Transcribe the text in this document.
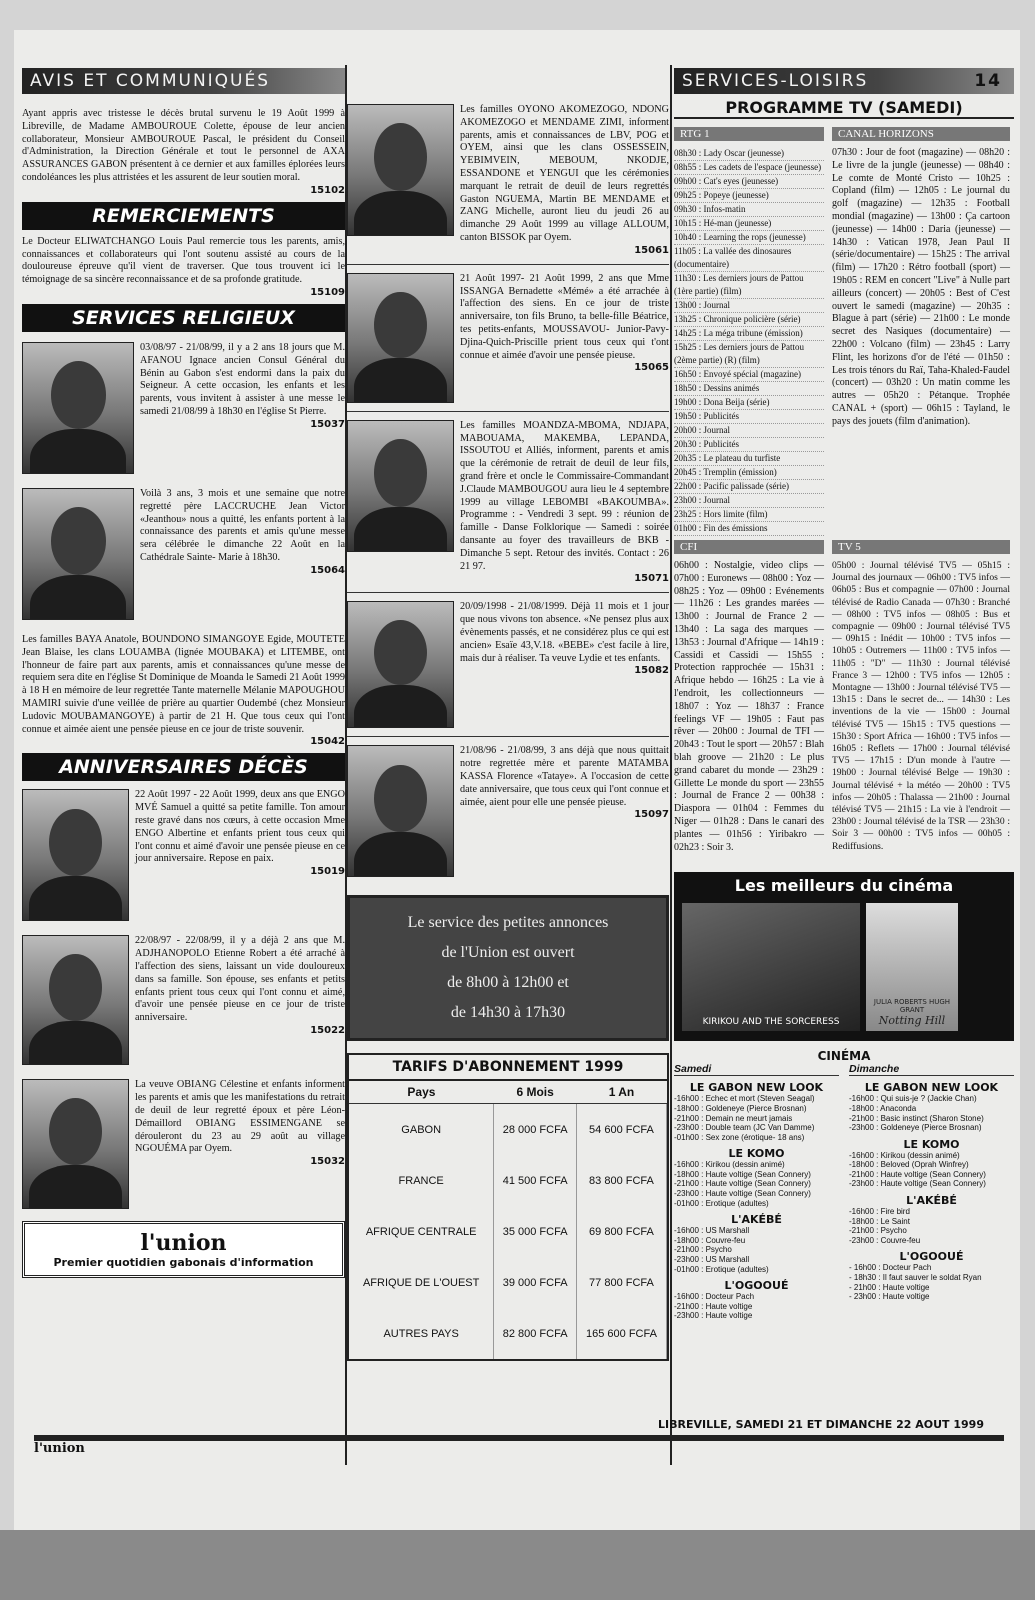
AVIS ET COMMUNIQUÉS

Ayant appris avec tristesse le décès brutal survenu le 19 Août 1999 à Libreville, de Madame AMBOUROUE Colette, épouse de leur ancien collaborateur, Monsieur AMBOUROUE Pascal, le président du Conseil d'Administration, la Direction Générale et tout le personnel de AXA ASSURANCES GABON présentent à ce dernier et aux familles éplorées leurs condoléances les plus attristées et les assurent de leur soutien moral.

15102
REMERCIEMENTS

Le Docteur ELIWATCHANGO Louis Paul remercie tous les parents, amis, connaissances et collaborateurs qui l'ont soutenu assisté au cours de la douloureuse épreuve qu'il vient de traverser. Que tous trouvent ici le témoignage de sa sincère reconnaissance et de sa profonde gratitude.

15109
SERVICES RELIGIEUX

03/08/97 - 21/08/99, il y a 2 ans 18 jours que M. AFANOU Ignace ancien Consul Général du Bénin au Gabon s'est endormi dans la paix du Seigneur. A cette occasion, les enfants et les parents, vous invitent à assister à une messe le samedi 21/08/99 à 18h30 en l'église St Pierre.

15037

Voilà 3 ans, 3 mois et une semaine que notre regretté père LACCRUCHE Jean Victor «Jeanthou» nous a quitté, les enfants portent à la connaissance des parents et amis qu'une messe sera célébrée le dimanche 22 Août en la Cathédrale Sainte- Marie à 18h30.

15064

Les familles BAYA Anatole, BOUNDONO SIMANGOYE Egide, MOUTETE Jean Blaise, les clans LOUAMBA (lignée MOUBAKA) et LITEMBE, ont l'honneur de faire part aux parents, amis et connaissances qu'une messe de requiem sera dite en l'église St Dominique de Moanda le Samedi 21 Août 1999 à 18 H en mémoire de leur regrettée Tante maternelle Mélanie MAPOUGHOU MAMIRI suivie d'une veillée de prière au quartier Oudembé (chez Monsieur Ludovic MOUBAMANGOYE) à partir de 21 H. Que tous ceux qui l'ont connue et aimée aient une pensée pieuse en ce jour de triste souvenir.

15042
ANNIVERSAIRES DÉCÈS

22 Août 1997 - 22 Août 1999, deux ans que ENGO MVÉ Samuel a quitté sa petite famille. Ton amour reste gravé dans nos cœurs, à cette occasion Mme ENGO Albertine et enfants prient tous ceux qui l'ont connu et aimé d'avoir une pensée pieuse en ce jour anniversaire. Repose en paix.

15019

22/08/97 - 22/08/99, il y a déjà 2 ans que M. ADJHANOPOLO Etienne Robert a été arraché à l'affection des siens, laissant un vide douloureux dans sa famille. Son épouse, ses enfants et petits enfants prient tous ceux qui l'ont connu et aimé, d'avoir une pensée pieuse en ce jour de triste anniversaire.

15022

La veuve OBIANG Célestine et enfants informent les parents et amis que les manifestations du retrait de deuil de leur regretté époux et père Léon-Démaillord OBIANG ESSIMENGANE se dérouleront du 23 au 29 août au village NGOUÉMA par Oyem.

15032
l'union
Premier quotidien gabonais d'information

Les familles OYONO AKOMEZOGO, NDONG AKOMEZOGO et MENDAME ZIMI, informent parents, amis et connaissances de LBV, POG et OYEM, ainsi que les clans OSSESSEIN, YEBIMVEIN, MEBOUM, NKODJE, ESSANDONE et YENGUI que les cérémonies marquant le retrait de deuil de leurs regrettés Gaston NGUEMA, Martin BE MENDAME et ZANG Michelle, auront lieu du jeudi 26 au dimanche 29 Août 1999 au village ALLOUM, canton BISSOK par Oyem.

15061

21 Août 1997- 21 Août 1999, 2 ans que Mme ISSANGA Bernadette «Mémé» a été arrachée à l'affection des siens. En ce jour de triste anniversaire, ton fils Bruno, ta belle-fille Béatrice, tes petits-enfants, MOUSSAVOU- Junior-Pavy-Djina-Quich-Priscille prient tous ceux qui t'ont connue et aimée d'avoir une pensée pieuse.

15065

Les familles MOANDZA-MBOMA, NDJAPA, MABOUAMA, MAKEMBA, LEPANDA, ISSOUTOU et Alliés, informent, parents et amis que la cérémonie de retrait de deuil de leur fils, grand frère et oncle le Commissaire-Commandant J.Claude MAMBOUGOU aura lieu le 4 septembre 1999 au village LEBOMBI «BAKOUMBA». Programme : - Vendredi 3 sept. 99 : réunion de famille - Danse Folklorique — Samedi : soirée dansante au foyer des travailleurs de BKB - Dimanche 5 sept. Retour des invités. Contact : 26 21 97.

15071

20/09/1998 - 21/08/1999. Déjà 11 mois et 1 jour que nous vivons ton absence. «Ne pensez plus aux évènements passés, et ne considérez plus ce qui est ancien» Esaïe 43,V.18. «BEBE» c'est facile à lire, mais dur à réaliser. Ta veuve Lydie et tes enfants.

15082

21/08/96 - 21/08/99, 3 ans déjà que nous quittait notre regrettée mère et parente MATAMBA KASSA Florence «Tataye». A l'occasion de cette date anniversaire, que tous ceux qui l'ont connue et aimée, aient pour elle une pensée pieuse.

15097
Le service des petites annonces
de l'Union est ouvert
de 8h00 à 12h00 et
de 14h30 à 17h30
TARIFS D'ABONNEMENT 1999
Pays	6 Mois	1 An
GABON	28 000 FCFA	54 600 FCFA
FRANCE	41 500 FCFA	83 800 FCFA
AFRIQUE CENTRALE	35 000 FCFA	69 800 FCFA
AFRIQUE DE L'OUEST	39 000 FCFA	77 800 FCFA
AUTRES PAYS	82 800 FCFA	165 600 FCFA
SERVICES-LOISIRS	14
PROGRAMME TV (SAMEDI)
RTG 1
08h30 : Lady Oscar (jeunesse)
08h55 : Les cadets de l'espace (jeunesse)
09h00 : Cat's eyes (jeunesse)
09h25 : Popeye (jeunesse)
09h30 : Infos-matin
10h15 : Hé-man (jeunesse)
10h40 : Learning the rops (jeunesse)
11h05 : La vallée des dinosaures (documentaire)
11h30 : Les derniers jours de Pattou (1ère partie) (film)
13h00 : Journal
13h25 : Chronique policière (série)
14h25 : La méga tribune (émission)
15h25 : Les derniers jours de Pattou (2ème partie) (R) (film)
16h50 : Envoyé spécial (magazine)
18h50 : Dessins animés
19h00 : Dona Beija (série)
19h50 : Publicités
20h00 : Journal
20h30 : Publicités
20h35 : Le plateau du turfiste
20h45 : Tremplin (émission)
22h00 : Pacific palissade (série)
23h00 : Journal
23h25 : Hors limite (film)
01h00 : Fin des émissions
CANAL HORIZONS
07h30 : Jour de foot (magazine) — 08h20 : Le livre de la jungle (jeunesse) — 08h40 : Le comte de Monté Cristo — 10h25 : Copland (film) — 12h05 : Le journal du golf (magazine) — 12h35 : Football mondial (magazine) — 13h00 : Ça cartoon (jeunesse) — 14h00 : Daria (jeunesse) — 14h30 : Vatican 1978, Jean Paul II (série/documentaire) — 15h25 : The arrival (film) — 17h20 : Rétro football (sport) — 19h05 : REM en concert "Live" à Nulle part ailleurs (concert) — 20h05 : Best of C'est ouvert le samedi (magazine) — 20h35 : Blague à part (série) — 21h00 : Le monde secret des Nasiques (documentaire) — 22h00 : Volcano (film) — 23h45 : Larry Flint, les horizons d'or de l'été — 01h50 : Les trois ténors du Raï, Taha-Khaled-Faudel (concert) — 03h20 : Un matin comme les autres — 05h20 : Pétanque. Trophée CANAL + (sport) — 06h15 : Tayland, le pays des jouets (film d'animation).
CFI
06h00 : Nostalgie, video clips — 07h00 : Euronews — 08h00 : Yoz — 08h25 : Yoz — 09h00 : Evénements — 11h26 : Les grandes marées — 13h00 : Journal de France 2 — 13h40 : La saga des marques — 13h53 : Journal d'Afrique — 14h19 : Cassidi et Cassidi — 15h55 : Protection rapprochée — 15h31 : Afrique hebdo — 16h25 : La vie à l'endroit, les collectionneurs — 18h07 : Yoz — 18h37 : France feelings VF — 19h05 : Faut pas rêver — 20h00 : Journal de TFI — 20h43 : Tout le sport — 20h57 : Blah blah groove — 21h20 : Le plus grand cabaret du monde — 23h29 : Gillette Le monde du sport — 23h55 : Journal de France 2 — 00h38 : Diaspora — 01h04 : Femmes du Niger — 01h28 : Dans le canari des plantes — 01h56 : Yiribakro — 02h23 : Soir 3.
TV 5
05h00 : Journal télévisé TV5 — 05h15 : Journal des journaux — 06h00 : TV5 infos — 06h05 : Bus et compagnie — 07h00 : Journal télévisé de Radio Canada — 07h30 : Branché — 08h00 : TV5 infos — 08h05 : Bus et compagnie — 09h00 : Journal télévisé TV5 — 09h15 : Inédit — 10h00 : TV5 infos — 10h05 : Outremers — 11h00 : TV5 infos — 11h05 : "D" — 11h30 : Journal télévisé France 3 — 12h00 : TV5 infos — 12h05 : Montagne — 13h00 : Journal télévisé TV5 — 13h15 : Dans le secret de... — 14h30 : Les inventions de la vie — 15h00 : Journal télévisé TV5 — 15h15 : TV5 questions — 15h30 : Sport Africa — 16h00 : TV5 infos — 16h05 : Reflets — 17h00 : Journal télévisé TV5 — 17h15 : D'un monde à l'autre — 19h00 : Journal télévisé Belge — 19h30 : Journal télévisé + la météo — 20h00 : TV5 infos — 20h05 : Thalassa — 21h00 : Journal télévisé TV5 — 21h15 : La vie à l'endroit — 23h00 : Journal télévisé de la TSR — 23h30 : Soir 3 — 00h00 : TV5 infos — 00h05 : Rediffusions.
Les meilleurs du cinéma
KIRIKOU AND THE SORCERESS
JULIA ROBERTS HUGH GRANT
Notting Hill
CINÉMA
Samedi
LE GABON NEW LOOK
-16h00 : Echec et mort (Steven Seagal)
-18h00 : Goldeneye (Pierce Brosnan)
-21h00 : Demain ne meurt jamais
-23h00 : Double team (JC Van Damme)
-01h00 : Sex zone (érotique- 18 ans)
LE KOMO
-16h00 : Kirikou (dessin animé)
-18h00 : Haute voltige (Sean Connery)
-21h00 : Haute voltige (Sean Connery)
-23h00 : Haute voltige (Sean Connery)
-01h00 : Erotique (adultes)
L'AKÉBÉ
-16h00 : US Marshall
-18h00 : Couvre-feu
-21h00 : Psycho
-23h00 : US Marshall
-01h00 : Erotique (adultes)
L'OGOOUÉ
-16h00 : Docteur Pach
-21h00 : Haute voltige
-23h00 : Haute voltige
Dimanche
LE GABON NEW LOOK
-16h00 : Qui suis-je ? (Jackie Chan)
-18h00 : Anaconda
-21h00 : Basic instinct (Sharon Stone)
-23h00 : Goldeneye (Pierce Brosnan)
LE KOMO
-16h00 : Kirikou (dessin animé)
-18h00 : Beloved (Oprah Winfrey)
-21h00 : Haute voltige (Sean Connery)
-23h00 : Haute voltige (Sean Connery)
L'AKÉBÉ
-16h00 : Fire bird
-18h00 : Le Saint
-21h00 : Psycho
-23h00 : Couvre-feu
L'OGOOUÉ
- 16h00 : Docteur Pach
- 18h30 : Il faut sauver le soldat Ryan
- 21h00 : Haute voltige
- 23h00 : Haute voltige
LIBREVILLE, SAMEDI 21 ET DIMANCHE 22 AOUT 1999
l'union
